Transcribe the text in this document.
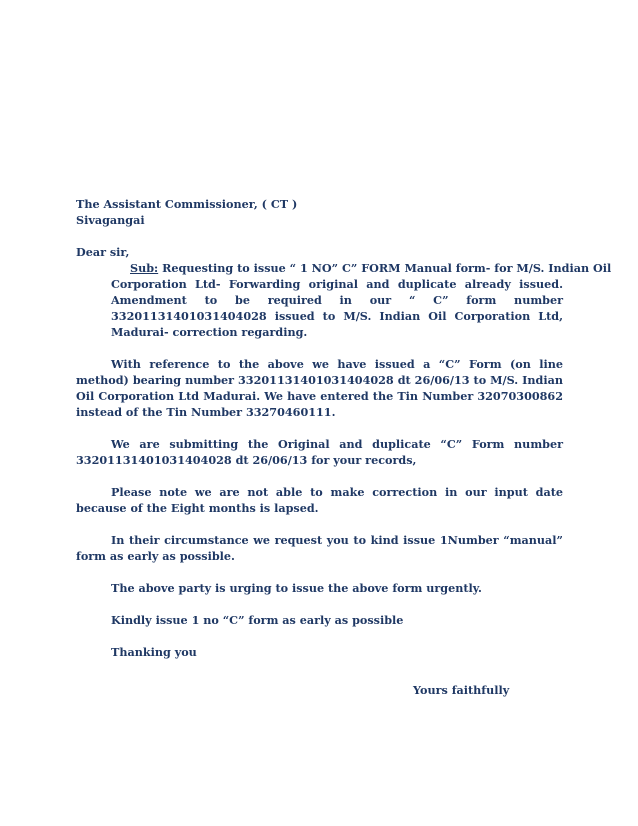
The Assistant Commissioner, ( CT )
Sivagangai
Dear sir,
Sub: Requesting to issue “ 1 NO” C” FORM Manual form- for M/S. Indian Oil

Corporation Ltd- Forwarding original and duplicate already issued. Amendment to be required in our “ C” form number 33201131401031404028 issued to M/S. Indian Oil Corporation Ltd, Madurai- correction regarding.

With reference to the above we have issued a “C” Form (on line method) bearing number 33201131401031404028 dt 26/06/13 to M/S. Indian Oil Corporation Ltd Madurai. We have entered the Tin Number 32070300862 instead of the Tin Number 33270460111.

We are submitting the Original and duplicate “C” Form number 33201131401031404028 dt 26/06/13 for your records,

Please note we are not able to make correction in our input date because of the Eight months is lapsed.

In their circumstance we request you to kind issue 1Number “manual” form as early as possible.

The above party is urging to issue the above form urgently.
Kindly issue 1 no “C” form as early as possible
Thanking you
Yours faithfully
